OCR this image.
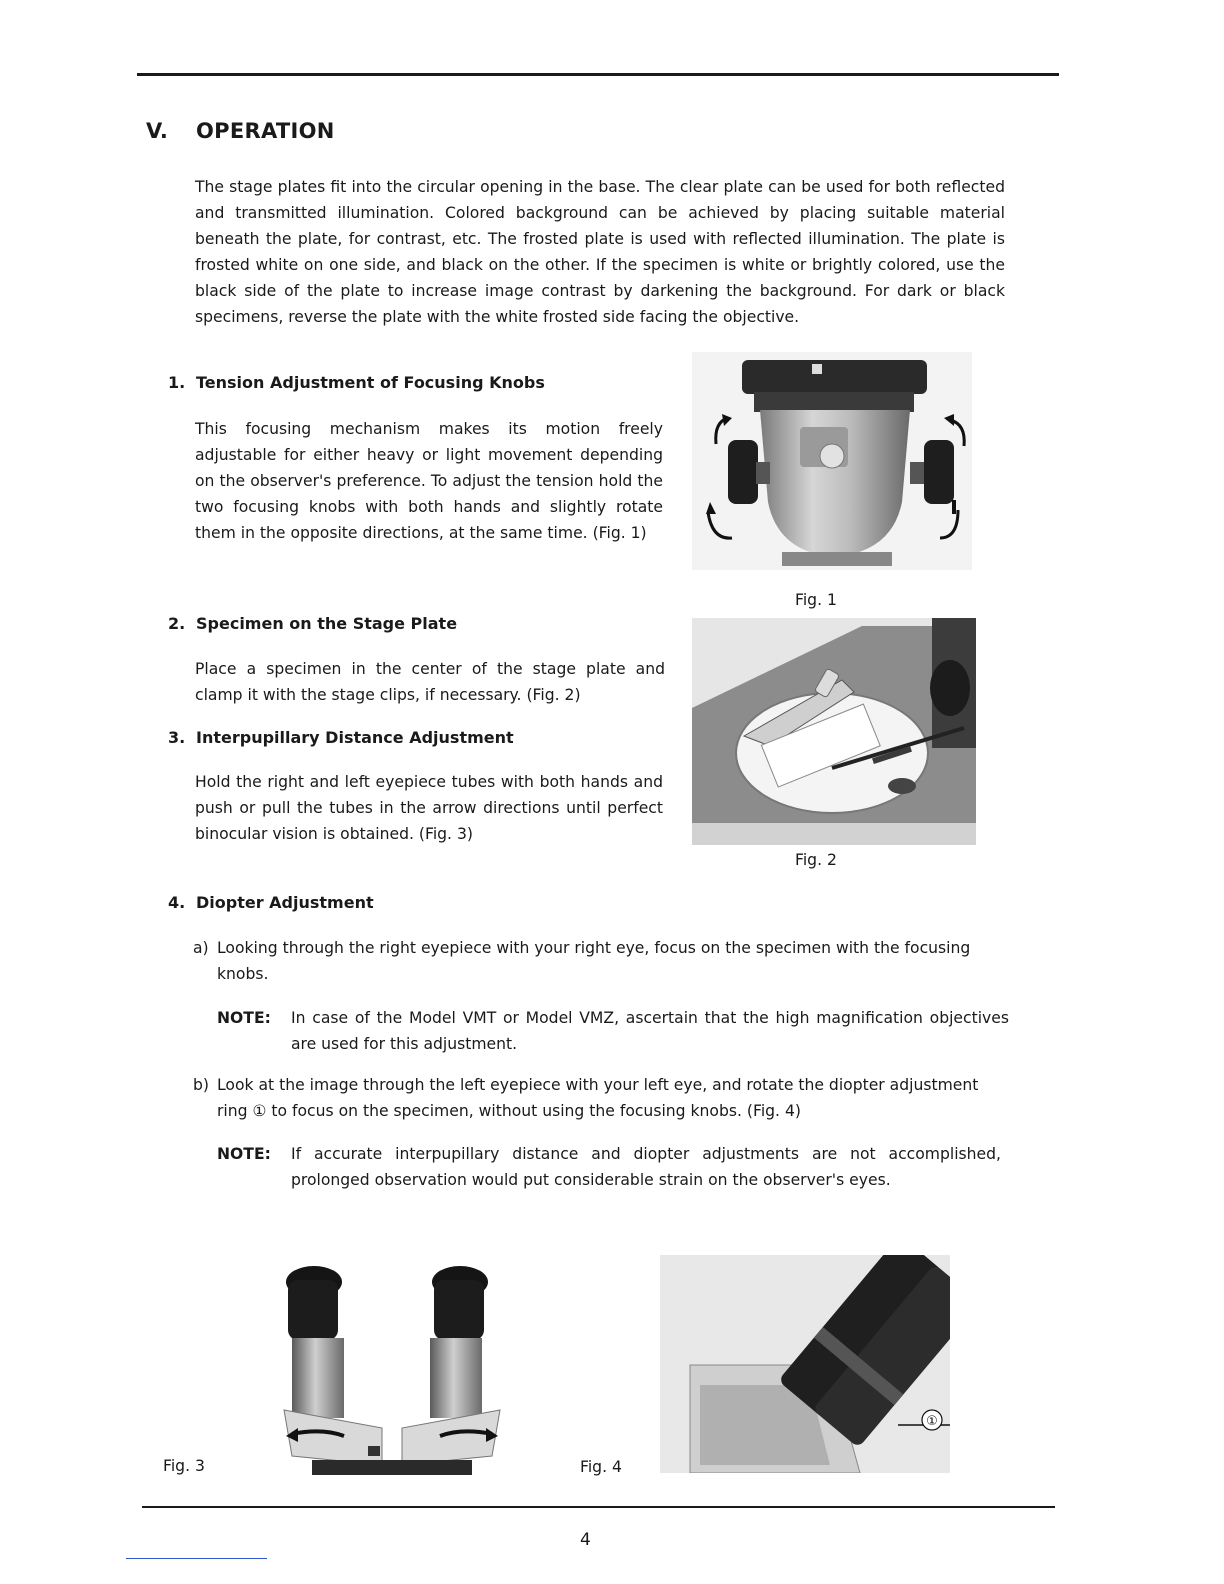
V. OPERATION
The stage plates fit into the circular opening in the base. The clear plate can be used for both reflected and transmitted illumination. Colored background can be achieved by placing suitable material beneath the plate, for contrast, etc. The frosted plate is used with reflected illumination. The plate is frosted white on one side, and black on the other. If the specimen is white or brightly colored, use the black side of the plate to increase image contrast by darkening the background. For dark or black specimens, reverse the plate with the white frosted side facing the objective.
1. Tension Adjustment of Focusing Knobs
This focusing mechanism makes its motion freely adjustable for either heavy or light movement depending on the observer's preference. To adjust the tension hold the two focusing knobs with both hands and slightly rotate them in the opposite directions, at the same time. (Fig. 1)
Fig. 1
2. Specimen on the Stage Plate
Place a specimen in the center of the stage plate and clamp it with the stage clips, if necessary. (Fig. 2)
Fig. 2
3. Interpupillary Distance Adjustment
Hold the right and left eyepiece tubes with both hands and push or pull the tubes in the arrow directions until perfect binocular vision is obtained. (Fig. 3)
4. Diopter Adjustment
a) Looking through the right eyepiece with your right eye, focus on the specimen with the focusing knobs.
NOTE: In case of the Model VMT or Model VMZ, ascertain that the high magnification objectives are used for this adjustment.
b) Look at the image through the left eyepiece with your left eye, and rotate the diopter adjustment ring ① to focus on the specimen, without using the focusing knobs. (Fig. 4)
NOTE: If accurate interpupillary distance and diopter adjustments are not accomplished, prolonged observation would put considerable strain on the observer's eyes.
Fig. 3
①
Fig. 4
4
